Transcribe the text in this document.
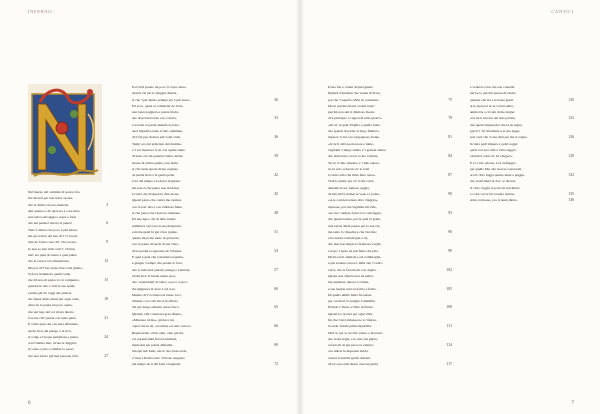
INFERNO
Nel mezzo del cammin di nostra vita
mi ritrovai per una selva oscura,
ché la diritta via era smarrita.
Ahi quanto a dir qual era è cosa dura
esta selva selvaggia e aspra e forte
che nel pensier rinova la paura!
Tant' è amara che poco è più morte;
ma per trattar del ben ch'i' vi trovai,
dirò de l'altre cose ch'i' v'ho scorte.
Io non so ben ridir com' i' v'intrai,
tant' era pien di sonno a quel punto
che la verace via abbandonai.
Ma poi ch'i' fui al piè d'un colle giunto,
là dove terminava quella valle
che m'avea di paura il cor compunto,
guardai in alto e vidi le sue spalle
vestite già de' raggi del pianeta
che mena dritto altrui per ogne calle.
Allor fu la paura un poco queta,
che nel lago del cor m'era durata
la notte ch'i' passai con tanta pieta.
E come quei che con lena affannata,
uscito fuor del pelago a la riva,
si volge a l'acqua perigliosa e guata,
così l'animo mio, ch'ancor fuggiva,
si volse a retro a rimirar lo passo
che non lasciò già mai persona viva.
3
6
9
12
15
18
21
24
27
Poi ch'èi posato un poco il corpo lasso,
ripresi via per la piaggia diserta,
sì che 'l piè fermo sempre era 'l più basso.
Ed ecco, quasi al cominciar de l'erta,
una lonza leggiera e presta molto,
che di pel macolato era coverta;
e non mi si partia dinanzi al volto,
anzi 'mpediva tanto il mio cammino,
ch'i' fui per ritornar più volte vòlto.
Temp' era dal principio del mattino,
e 'l sol montava 'n sù con quelle stelle
ch'eran con lui quando l'amor divino
mosse di prima quelle cose belle;
sì ch'a bene sperar m'era cagione
di quella fiera a la gaetta pelle
l'ora del tempo e la dolce stagione;
ma non sì che paura non mi desse
la vista che m'apparve d'un leone.
Questi parea che contra me venisse
con la test' alta e con rabbiosa fame,
sì che parea che l'aere ne tremesse.
Ed una lupa, che di tutte brame
sembiava carca ne la sua magrezza,
e molte genti fé già viver grame,
questa mi porse tanto di gravezza
con la paura ch'uscia di sua vista,
ch'io perdei la speranza de l'altezza.
E qual è quei che volontieri acquista,
e giugne 'l tempo che perder lo face,
che 'n tutti suoi pensier piange e s'attrista;
tal mi fece la bestia sanza pace,
che, venendomi 'ncontro, a poco a poco
mi ripigneva là dove 'l sol tace.
Mentre ch'i' rovinava in basso loco,
dinanzi a li occhi mi si fu offerto
chi per lungo silenzio parea fioco.
Quando vidi costui nel gran diserto,
«Miserere di me», gridai a lui,
«qual che tu sii, od ombra od omo certo!».
Rispuosemi: «Non omo, omo già fui,
e li parenti miei furon lombardi,
mantoani per patrïa ambedui.
Nacqui sub Iulio, ancor che fosse tardi,
e vissi a Roma sotto 'l buono Augusto
nel tempo de li dèi falsi e bugiardi.
30
33
36
39
42
45
48
51
54
57
60
63
66
69
72
6
CANTO I
Poeta fui, e cantai di quel giusto
figliuol d'Anchise che venne di Troia,
poi che 'l superbo Ilïón fu combusto.
Ma tu perché ritorni a tanta noia?
perché non sali il dilettoso monte
ch'è principio e cagion di tutta gioia?».
«Or se' tu quel Virgilio e quella fonte
che spandi di parlar sì largo fiume?»,
rispuos' io lui con vergognosa fronte.
«O de li altri poeti onore e lume,
vagliami 'l lungo studio e 'l grande amore
che m'ha fatto cercar lo tuo volume.
Tu se' lo mio maestro e 'l mio autore,
tu se' solo colui da cu' io tolsi
lo bello stilo che m'ha fatto onore.
Vedi la bestia per cu' io mi volsi;
aiutami da lei, famoso saggio,
ch'ella mi fa tremar le vene e i polsi».
«A te convien tenere altro vïaggio»,
rispuose, poi che lagrimar mi vide,
«se vuo' campar d'esto loco selvaggio;
ché questa bestia, per la qual tu gride,
non lascia altrui passar per la sua via,
ma tanto lo 'mpedisce che l'uccide;
e ha natura sì malvagia e ria,
che mai non empie la bramosa voglia,
e dopo 'l pasto ha più fame che pria.
Molti son li animali a cui s'ammoglia,
e più saranno ancora, infin che 'l veltro
verrà, che la farà morir con doglia.
Questi non ciberà terra né peltro,
ma sapïenza, amore e virtute,
e sua nazion sarà tra feltro e feltro.
Di quella umile Italia fia salute
per cui morì la vergine Cammilla,
Eurialo e Turno e Niso di ferute.
Questi la caccerà per ogne villa,
fin che l'avrà rimessa ne lo 'nferno,
là onde 'nvidia prima dipartilla.
Ond' io per lo tuo me' penso e discerno
che tu mi segui, e io sarò tua guida,
e trarrotti di qui per loco etterno;
ove udirai le disperate strida,
vedrai li antichi spiriti dolenti,
ch'a la seconda morte ciascun grida;
75
78
81
84
87
90
93
96
99
102
105
108
111
114
117
e vederai color che son contenti
nel foco, perché speran di venire
quando che sia a le beate genti.
A le quai poi se tu vorrai salire,
anima fia a ciò più di me degna:
con lei ti lascerò nel mio partire;
ché quello imperador che là sù regna,
perch' i' fu' ribellante a la sua legge,
non vuol che 'n sua città per me si vegna.
In tutte parti impera e quivi regge;
quivi è la sua città e l'alto seggio:
oh felice colui cu' ivi elegge!».
E io a lui: «Poeta, io ti richeggio
per quello Dio che tu non conoscesti,
acciò ch'io fugga questo male e peggio,
che tu mi meni là dov' or dicesti,
sì ch'io veggia la porta di san Pietro
e color cui tu fai cotanto mesti».
Allor si mosse, e io li tenni dietro.
120
123
126
129
132
135
136
7
